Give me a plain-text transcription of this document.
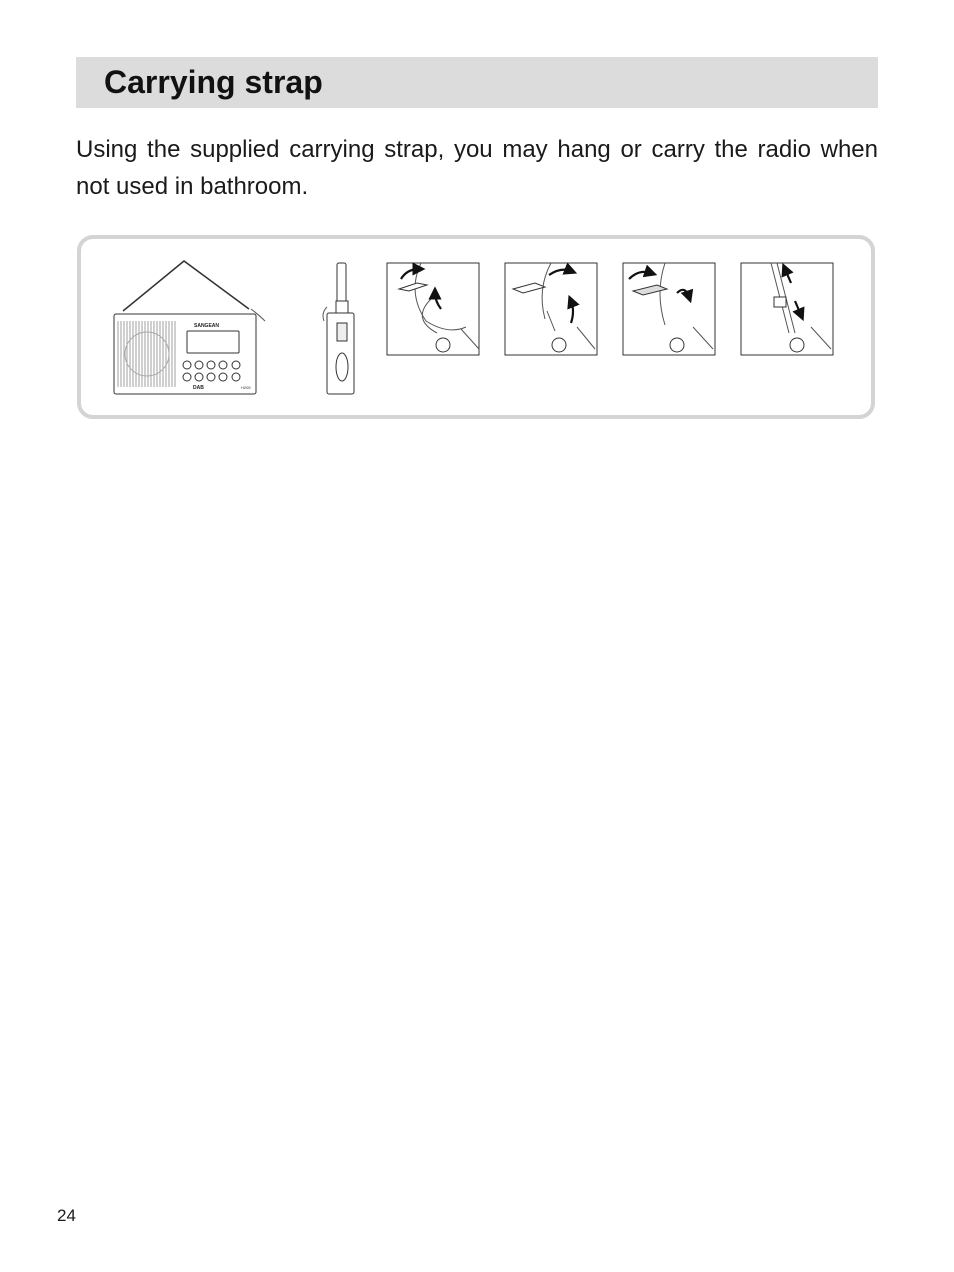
Carrying strap

Using the supplied carrying strap, you may hang or carry the radio when not used in bathroom.

SANGEAN
DAB	H205
24
